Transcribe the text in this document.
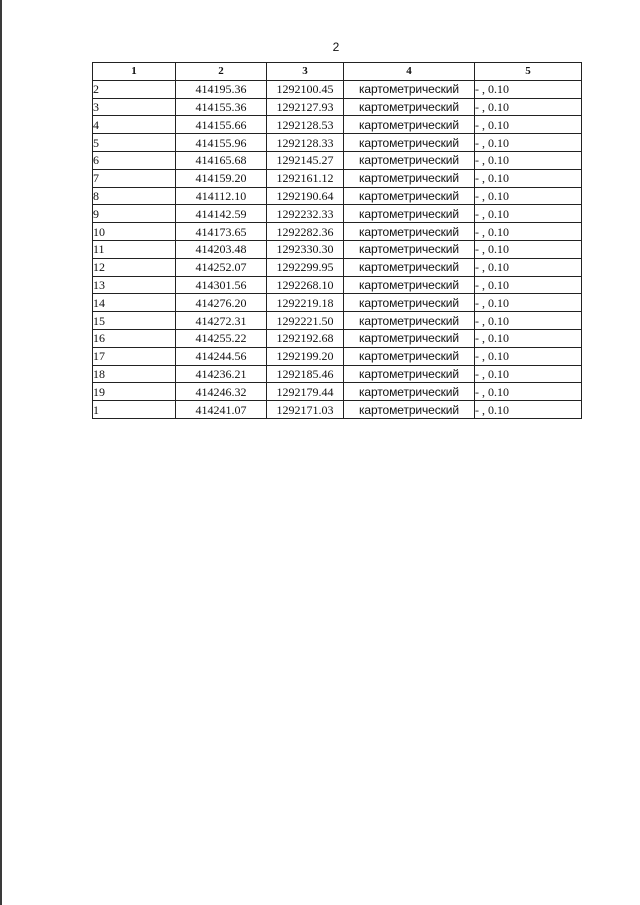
2
1	2	3	4	5
2	414195.36	1292100.45	картометрический	- , 0.10
3	414155.36	1292127.93	картометрический	- , 0.10
4	414155.66	1292128.53	картометрический	- , 0.10
5	414155.96	1292128.33	картометрический	- , 0.10
6	414165.68	1292145.27	картометрический	- , 0.10
7	414159.20	1292161.12	картометрический	- , 0.10
8	414112.10	1292190.64	картометрический	- , 0.10
9	414142.59	1292232.33	картометрический	- , 0.10
10	414173.65	1292282.36	картометрический	- , 0.10
11	414203.48	1292330.30	картометрический	- , 0.10
12	414252.07	1292299.95	картометрический	- , 0.10
13	414301.56	1292268.10	картометрический	- , 0.10
14	414276.20	1292219.18	картометрический	- , 0.10
15	414272.31	1292221.50	картометрический	- , 0.10
16	414255.22	1292192.68	картометрический	- , 0.10
17	414244.56	1292199.20	картометрический	- , 0.10
18	414236.21	1292185.46	картометрический	- , 0.10
19	414246.32	1292179.44	картометрический	- , 0.10
1	414241.07	1292171.03	картометрический	- , 0.10
